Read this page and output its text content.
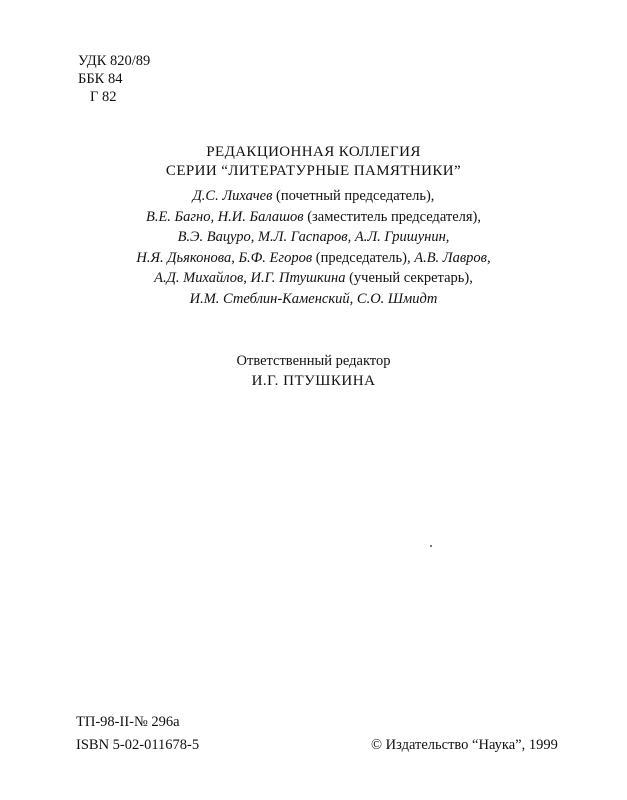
УДК 820/89
ББК 84
Г 82
РЕДАКЦИОННАЯ КОЛЛЕГИЯ
СЕРИИ “ЛИТЕРАТУРНЫЕ ПАМЯТНИКИ”
Д.С. Лихачев (почетный председатель),
В.Е. Багно, Н.И. Балашов (заместитель председателя),
В.Э. Вацуро, М.Л. Гаспаров, А.Л. Гришунин,
Н.Я. Дьяконова, Б.Ф. Егоров (председатель), А.В. Лавров,
А.Д. Михайлов, И.Г. Птушкина (ученый секретарь),
И.М. Стеблин-Каменский, С.О. Шмидт
Ответственный редактор
И.Г. ПТУШКИНА
ТП-98-II-№ 296а
ISBN 5-02-011678-5	© Издательство “Наука”, 1999
